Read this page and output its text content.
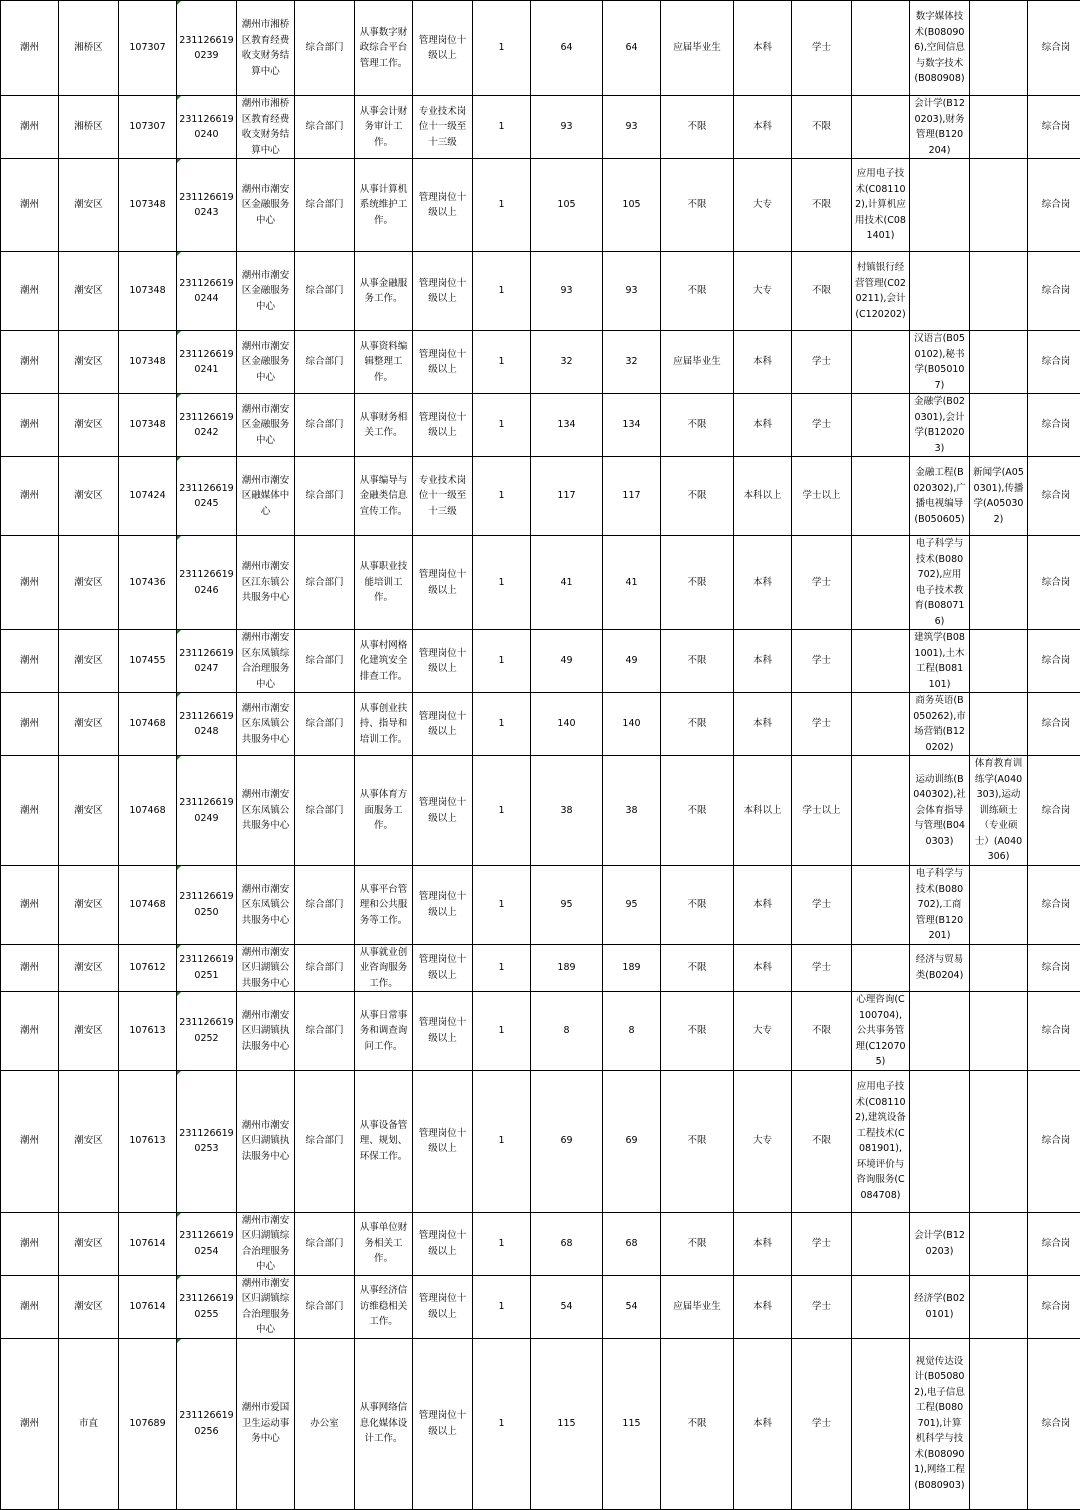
潮州	湘桥区	107307	2311266190239	潮州市湘桥区教育经费收支财务结算中心	综合部门	从事数字财政综合平台管理工作。	管理岗位十级以上	1	64	64	应届毕业生	本科	学士		数字媒体技术(B080906),空间信息与数字技术(B080908)		综合岗
潮州	湘桥区	107307	2311266190240	潮州市湘桥区教育经费收支财务结算中心	综合部门	从事会计财务审计工作。	专业技术岗位十一级至十三级	1	93	93	不限	本科	不限		会计学(B120203),财务管理(B120204)		综合岗
潮州	潮安区	107348	2311266190243	潮州市潮安区金融服务中心	综合部门	从事计算机系统维护工作。	管理岗位十级以上	1	105	105	不限	大专	不限	应用电子技术(C081102),计算机应用技术(C081401)			综合岗
潮州	潮安区	107348	2311266190244	潮州市潮安区金融服务中心	综合部门	从事金融服务工作。	管理岗位十级以上	1	93	93	不限	大专	不限	村镇银行经营管理(C020211),会计(C120202)			综合岗
潮州	潮安区	107348	2311266190241	潮州市潮安区金融服务中心	综合部门	从事资料编辑整理工作。	管理岗位十级以上	1	32	32	应届毕业生	本科	学士		汉语言(B050102),秘书学(B050107)		综合岗
潮州	潮安区	107348	2311266190242	潮州市潮安区金融服务中心	综合部门	从事财务相关工作。	管理岗位十级以上	1	134	134	不限	本科	学士		金融学(B020301),会计学(B120203)		综合岗
潮州	潮安区	107424	2311266190245	潮州市潮安区融媒体中心	综合部门	从事编导与金融类信息宣传工作。	专业技术岗位十一级至十三级	1	117	117	不限	本科以上	学士以上		金融工程(B020302),广播电视编导(B050605)	新闻学(A050301),传播学(A050302)	综合岗
潮州	潮安区	107436	2311266190246	潮州市潮安区江东镇公共服务中心	综合部门	从事职业技能培训工作。	管理岗位十级以上	1	41	41	不限	本科	学士		电子科学与技术(B080702),应用电子技术教育(B080716)		综合岗
潮州	潮安区	107455	2311266190247	潮州市潮安区东凤镇综合治理服务中心	综合部门	从事村网格化建筑安全排查工作。	管理岗位十级以上	1	49	49	不限	本科	学士		建筑学(B081001),土木工程(B081101)		综合岗
潮州	潮安区	107468	2311266190248	潮州市潮安区东凤镇公共服务中心	综合部门	从事创业扶持、指导和培训工作。	管理岗位十级以上	1	140	140	不限	本科	学士		商务英语(B050262),市场营销(B120202)		综合岗
潮州	潮安区	107468	2311266190249	潮州市潮安区东凤镇公共服务中心	综合部门	从事体育方面服务工作。	管理岗位十级以上	1	38	38	不限	本科以上	学士以上		运动训练(B040302),社会体育指导与管理(B040303)	体育教育训练学(A040303),运动训练硕士（专业硕士）(A040306)	综合岗
潮州	潮安区	107468	2311266190250	潮州市潮安区东凤镇公共服务中心	综合部门	从事平台管理和公共服务等工作。	管理岗位十级以上	1	95	95	不限	本科	学士		电子科学与技术(B080702),工商管理(B120201)		综合岗
潮州	潮安区	107612	2311266190251	潮州市潮安区归湖镇公共服务中心	综合部门	从事就业创业咨询服务工作。	管理岗位十级以上	1	189	189	不限	本科	学士		经济与贸易类(B0204)		综合岗
潮州	潮安区	107613	2311266190252	潮州市潮安区归湖镇执法服务中心	综合部门	从事日常事务和调查询问工作。	管理岗位十级以上	1	8	8	不限	大专	不限	心理咨询(C100704),公共事务管理(C120705)			综合岗
潮州	潮安区	107613	2311266190253	潮州市潮安区归湖镇执法服务中心	综合部门	从事设备管理、规划、环保工作。	管理岗位十级以上	1	69	69	不限	大专	不限	应用电子技术(C081102),建筑设备工程技术(C081901),环境评价与咨询服务(C084708)			综合岗
潮州	潮安区	107614	2311266190254	潮州市潮安区归湖镇综合治理服务中心	综合部门	从事单位财务相关工作。	管理岗位十级以上	1	68	68	不限	本科	学士		会计学(B120203)		综合岗
潮州	潮安区	107614	2311266190255	潮州市潮安区归湖镇综合治理服务中心	综合部门	从事经济信访维稳相关工作。	管理岗位十级以上	1	54	54	应届毕业生	本科	学士		经济学(B020101)		综合岗
潮州	市直	107689	2311266190256	潮州市爱国卫生运动事务中心	办公室	从事网络信息化媒体设计工作。	管理岗位十级以上	1	115	115	不限	本科	学士		视觉传达设计(B050802),电子信息工程(B080701),计算机科学与技术(B080901),网络工程(B080903)		综合岗
